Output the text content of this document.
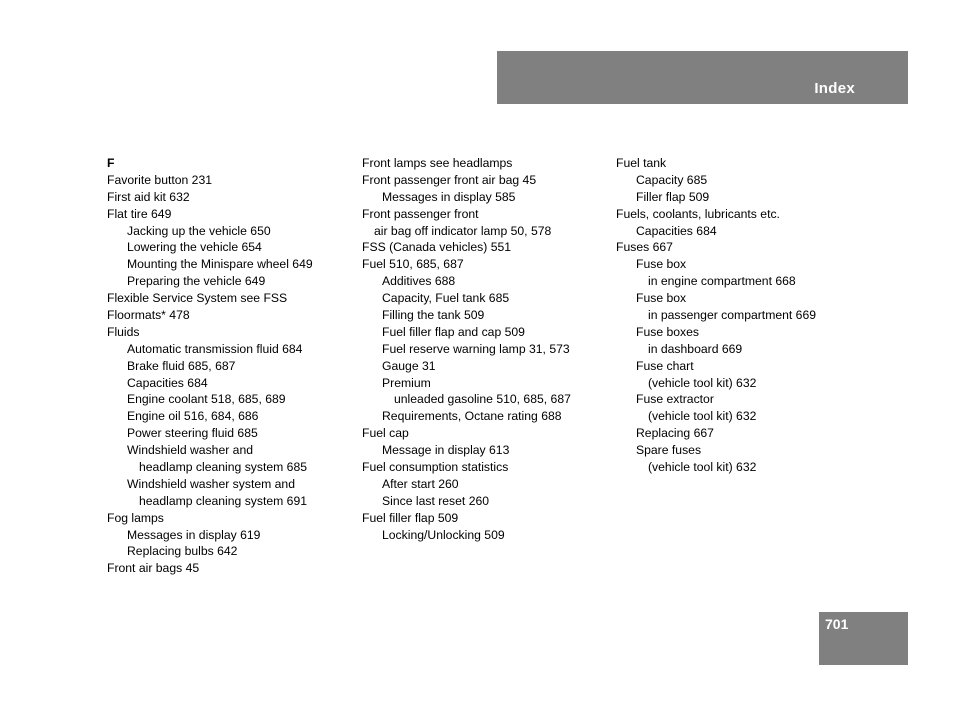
Index
F
Favorite button 231
First aid kit 632
Flat tire 649
Jacking up the vehicle 650
Lowering the vehicle 654
Mounting the Minispare wheel 649
Preparing the vehicle 649
Flexible Service System see FSS
Floormats* 478
Fluids
Automatic transmission fluid 684
Brake fluid 685, 687
Capacities 684
Engine coolant 518, 685, 689
Engine oil 516, 684, 686
Power steering fluid 685
Windshield washer and
headlamp cleaning system 685
Windshield washer system and
headlamp cleaning system 691
Fog lamps
Messages in display 619
Replacing bulbs 642
Front air bags 45
Front lamps see headlamps
Front passenger front air bag 45
Messages in display 585
Front passenger front
air bag off indicator lamp 50, 578
FSS (Canada vehicles) 551
Fuel 510, 685, 687
Additives 688
Capacity, Fuel tank 685
Filling the tank 509
Fuel filler flap and cap 509
Fuel reserve warning lamp 31, 573
Gauge 31
Premium
unleaded gasoline 510, 685, 687
Requirements, Octane rating 688
Fuel cap
Message in display 613
Fuel consumption statistics
After start 260
Since last reset 260
Fuel filler flap 509
Locking/Unlocking 509
Fuel tank
Capacity 685
Filler flap 509
Fuels, coolants, lubricants etc.
Capacities 684
Fuses 667
Fuse box
in engine compartment 668
Fuse box
in passenger compartment 669
Fuse boxes
in dashboard 669
Fuse chart
(vehicle tool kit) 632
Fuse extractor
(vehicle tool kit) 632
Replacing 667
Spare fuses
(vehicle tool kit) 632
701
